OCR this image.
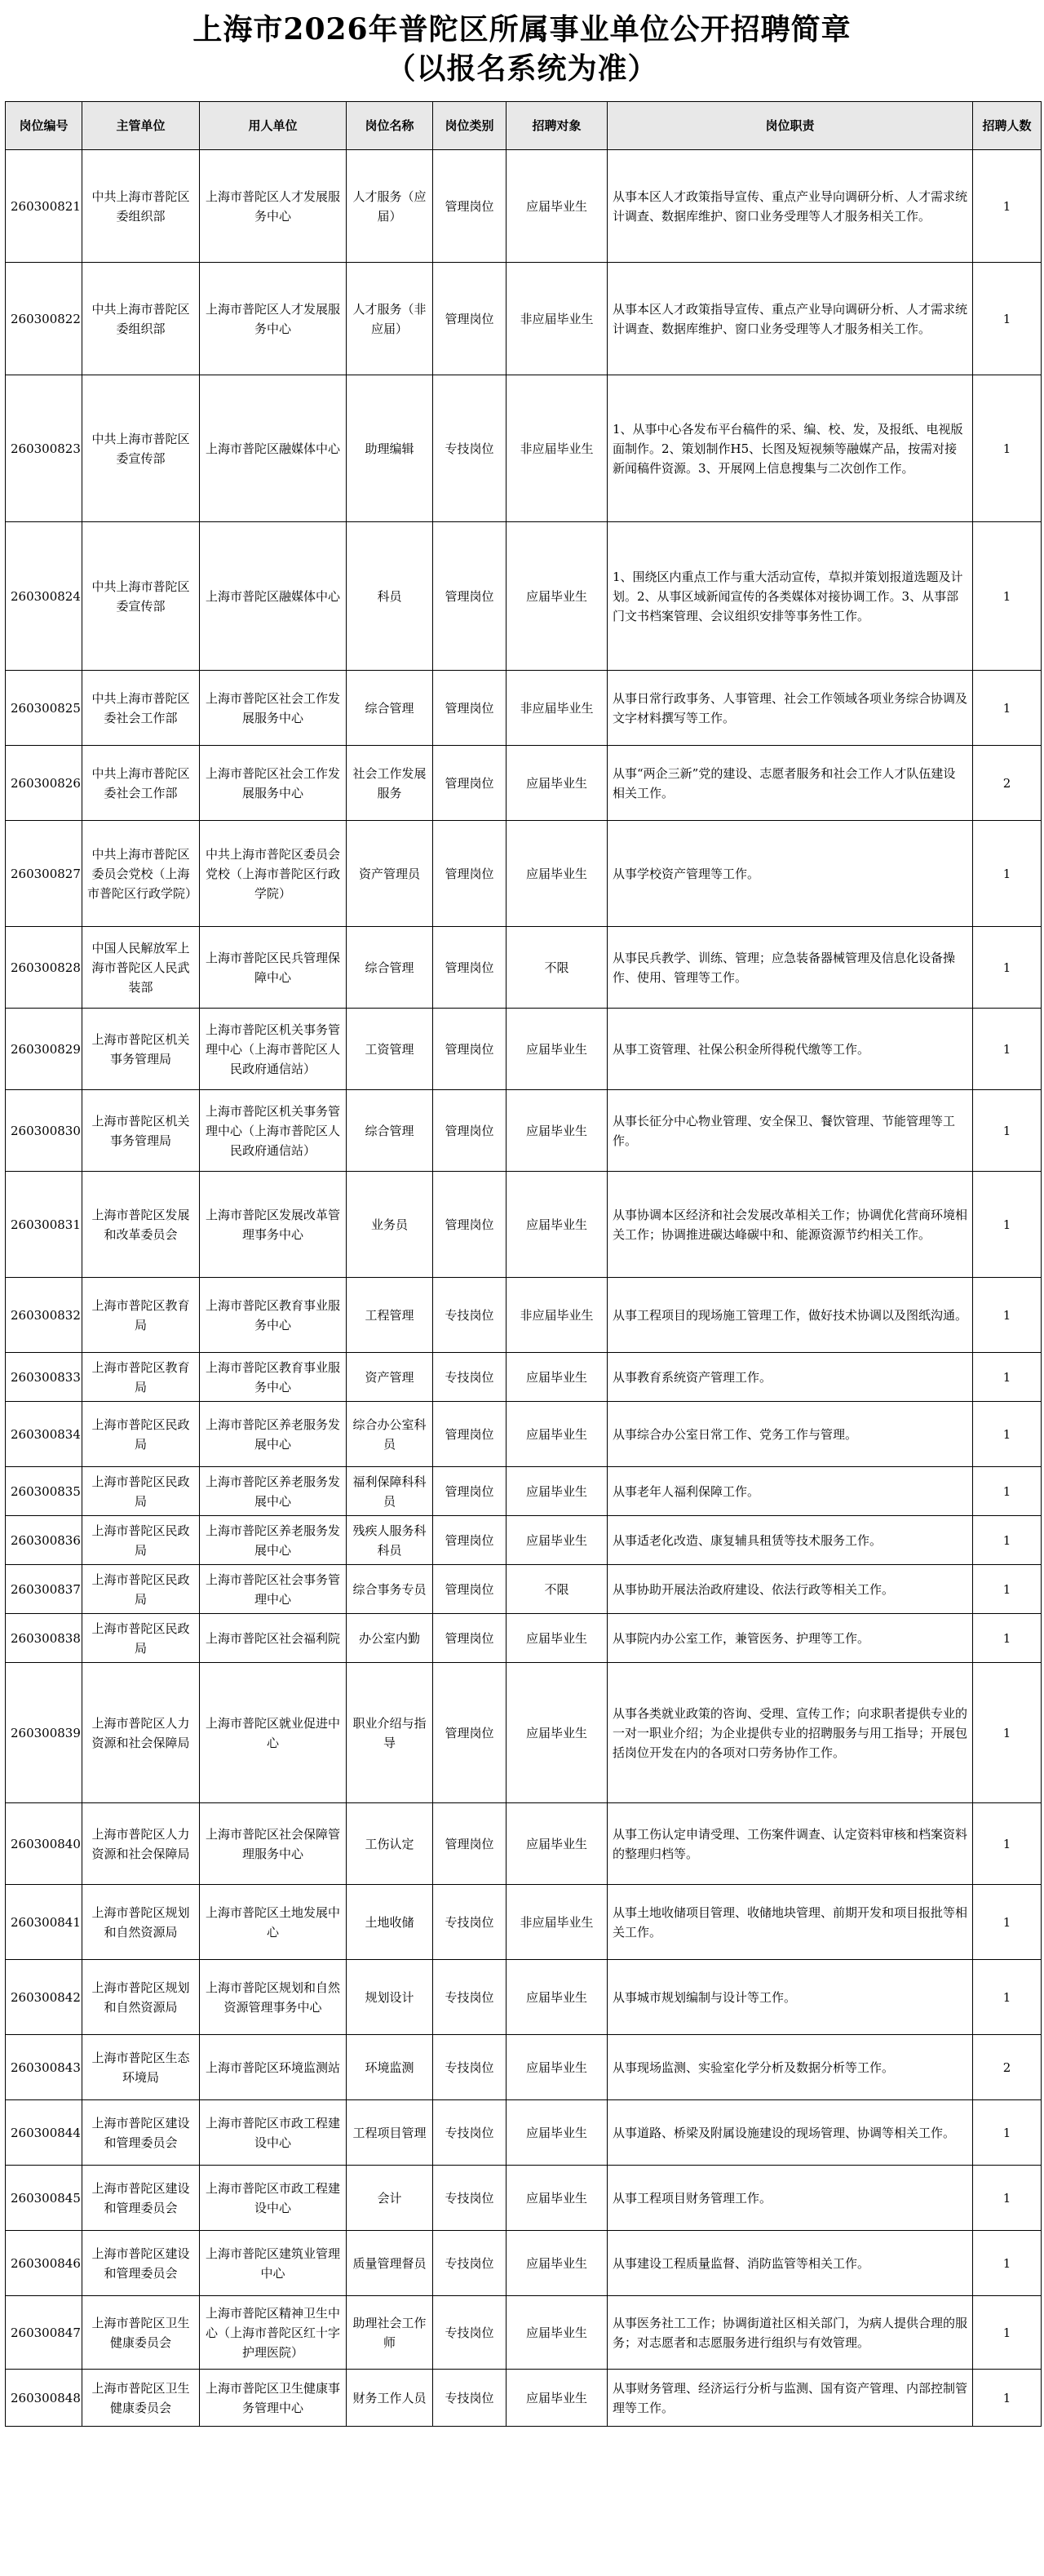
上海市2026年普陀区所属事业单位公开招聘简章
（以报名系统为准）
岗位编号	主管单位	用人单位	岗位名称	岗位类别	招聘对象	岗位职责	招聘人数
260300821	中共上海市普陀区委组织部	上海市普陀区人才发展服务中心	人才服务（应届）	管理岗位	应届毕业生	从事本区人才政策指导宣传、重点产业导向调研分析、人才需求统计调查、数据库维护、窗口业务受理等人才服务相关工作。	1
260300822	中共上海市普陀区委组织部	上海市普陀区人才发展服务中心	人才服务（非应届）	管理岗位	非应届毕业生	从事本区人才政策指导宣传、重点产业导向调研分析、人才需求统计调查、数据库维护、窗口业务受理等人才服务相关工作。	1
260300823	中共上海市普陀区委宣传部	上海市普陀区融媒体中心	助理编辑	专技岗位	非应届毕业生	1、从事中心各发布平台稿件的采、编、校、发，及报纸、电视版面制作。2、策划制作H5、长图及短视频等融媒产品，按需对接新闻稿件资源。3、开展网上信息搜集与二次创作工作。	1
260300824	中共上海市普陀区委宣传部	上海市普陀区融媒体中心	科员	管理岗位	应届毕业生	1、围绕区内重点工作与重大活动宣传，草拟并策划报道选题及计划。2、从事区域新闻宣传的各类媒体对接协调工作。3、从事部门文书档案管理、会议组织安排等事务性工作。	1
260300825	中共上海市普陀区委社会工作部	上海市普陀区社会工作发展服务中心	综合管理	管理岗位	非应届毕业生	从事日常行政事务、人事管理、社会工作领域各项业务综合协调及文字材料撰写等工作。	1
260300826	中共上海市普陀区委社会工作部	上海市普陀区社会工作发展服务中心	社会工作发展服务	管理岗位	应届毕业生	从事“两企三新”党的建设、志愿者服务和社会工作人才队伍建设相关工作。	2
260300827	中共上海市普陀区委员会党校（上海市普陀区行政学院）	中共上海市普陀区委员会党校（上海市普陀区行政学院）	资产管理员	管理岗位	应届毕业生	从事学校资产管理等工作。	1
260300828	中国人民解放军上海市普陀区人民武装部	上海市普陀区民兵管理保障中心	综合管理	管理岗位	不限	从事民兵教学、训练、管理；应急装备器械管理及信息化设备操作、使用、管理等工作。	1
260300829	上海市普陀区机关事务管理局	上海市普陀区机关事务管理中心（上海市普陀区人民政府通信站）	工资管理	管理岗位	应届毕业生	从事工资管理、社保公积金所得税代缴等工作。	1
260300830	上海市普陀区机关事务管理局	上海市普陀区机关事务管理中心（上海市普陀区人民政府通信站）	综合管理	管理岗位	应届毕业生	从事长征分中心物业管理、安全保卫、餐饮管理、节能管理等工作。	1
260300831	上海市普陀区发展和改革委员会	上海市普陀区发展改革管理事务中心	业务员	管理岗位	应届毕业生	从事协调本区经济和社会发展改革相关工作；协调优化营商环境相关工作；协调推进碳达峰碳中和、能源资源节约相关工作。	1
260300832	上海市普陀区教育局	上海市普陀区教育事业服务中心	工程管理	专技岗位	非应届毕业生	从事工程项目的现场施工管理工作，做好技术协调以及图纸沟通。	1
260300833	上海市普陀区教育局	上海市普陀区教育事业服务中心	资产管理	专技岗位	应届毕业生	从事教育系统资产管理工作。	1
260300834	上海市普陀区民政局	上海市普陀区养老服务发展中心	综合办公室科员	管理岗位	应届毕业生	从事综合办公室日常工作、党务工作与管理。	1
260300835	上海市普陀区民政局	上海市普陀区养老服务发展中心	福利保障科科员	管理岗位	应届毕业生	从事老年人福利保障工作。	1
260300836	上海市普陀区民政局	上海市普陀区养老服务发展中心	残疾人服务科科员	管理岗位	应届毕业生	从事适老化改造、康复辅具租赁等技术服务工作。	1
260300837	上海市普陀区民政局	上海市普陀区社会事务管理中心	综合事务专员	管理岗位	不限	从事协助开展法治政府建设、依法行政等相关工作。	1
260300838	上海市普陀区民政局	上海市普陀区社会福利院	办公室内勤	管理岗位	应届毕业生	从事院内办公室工作，兼管医务、护理等工作。	1
260300839	上海市普陀区人力资源和社会保障局	上海市普陀区就业促进中心	职业介绍与指导	管理岗位	应届毕业生	从事各类就业政策的咨询、受理、宣传工作；向求职者提供专业的一对一职业介绍；为企业提供专业的招聘服务与用工指导；开展包括岗位开发在内的各项对口劳务协作工作。	1
260300840	上海市普陀区人力资源和社会保障局	上海市普陀区社会保障管理服务中心	工伤认定	管理岗位	应届毕业生	从事工伤认定申请受理、工伤案件调查、认定资料审核和档案资料的整理归档等。	1
260300841	上海市普陀区规划和自然资源局	上海市普陀区土地发展中心	土地收储	专技岗位	非应届毕业生	从事土地收储项目管理、收储地块管理、前期开发和项目报批等相关工作。	1
260300842	上海市普陀区规划和自然资源局	上海市普陀区规划和自然资源管理事务中心	规划设计	专技岗位	应届毕业生	从事城市规划编制与设计等工作。	1
260300843	上海市普陀区生态环境局	上海市普陀区环境监测站	环境监测	专技岗位	应届毕业生	从事现场监测、实验室化学分析及数据分析等工作。	2
260300844	上海市普陀区建设和管理委员会	上海市普陀区市政工程建设中心	工程项目管理	专技岗位	应届毕业生	从事道路、桥梁及附属设施建设的现场管理、协调等相关工作。	1
260300845	上海市普陀区建设和管理委员会	上海市普陀区市政工程建设中心	会计	专技岗位	应届毕业生	从事工程项目财务管理工作。	1
260300846	上海市普陀区建设和管理委员会	上海市普陀区建筑业管理中心	质量管理督员	专技岗位	应届毕业生	从事建设工程质量监督、消防监管等相关工作。	1
260300847	上海市普陀区卫生健康委员会	上海市普陀区精神卫生中心（上海市普陀区红十字护理医院）	助理社会工作师	专技岗位	应届毕业生	从事医务社工工作；协调街道社区相关部门，为病人提供合理的服务；对志愿者和志愿服务进行组织与有效管理。	1
260300848	上海市普陀区卫生健康委员会	上海市普陀区卫生健康事务管理中心	财务工作人员	专技岗位	应届毕业生	从事财务管理、经济运行分析与监测、国有资产管理、内部控制管理等工作。	1
